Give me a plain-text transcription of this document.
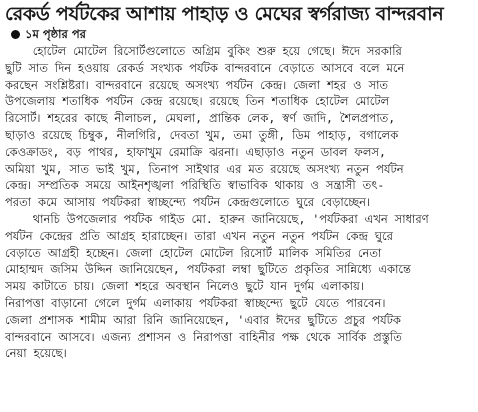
রেকর্ড পর্যটকের আশায় পাহাড় ও মেঘের স্বর্গরাজ্য বান্দরবান
১ম পৃষ্ঠার পর
হোটেল মোটেল রিসোর্টগুলোতে অগ্রিম বুকিং শুরু হয়ে গেছে। ঈদে সরকারি
ছুটি সাত দিন হওয়ায় রেকর্ড সংখ্যক পর্যটক বান্দরবানে বেড়াতে আসবে বলে মনে
করছেন সংশ্লিষ্টরা। বান্দরবানে রয়েছে অসংখ্য পর্যটন কেন্দ্র। জেলা শহর ও সাত
উপজেলায় শতাধিক পর্যটন কেন্দ্র রয়েছে। রয়েছে তিন শতাধিক হোটেল মোটেল
রিসোর্ট। শহরের কাছে নীলাচল, মেঘলা, প্রান্তিক লেক, স্বর্ণ জাদি, শৈলপ্রপাত,
ছাড়াও রয়েছে চিম্বুক, নীলগিরি, দেবতা খুম, তমা তুঙ্গী, ডিম পাহাড়, বগালেক
কেওক্রাডং, বড় পাথর, হাফাখুম রেমাক্রি ঝরনা। এছাড়াও নতুন ডাবল ফলস,
অমিয়া খুম, সাত ভাই খুম, তিনাপ সাইথার এর মত রয়েছে অসংখ্য নতুন পর্যটন
কেন্দ্র। সম্প্রতিক সময়ে আইনশৃঙ্খলা পরিস্থিতি স্বাভাবিক থাকায় ও সন্ত্রাসী তৎ-
পরতা কমে আসায় পর্যটকরা স্বাচ্ছন্দ্যে পর্যটন কেন্দ্রগুলোতে ঘুরে বেড়াচ্ছেন।
থানচি উপজেলার পর্যটক গাইড মো. হারুন জানিয়েছে, 'পর্যটকরা এখন সাধারণ
পর্যটন কেন্দ্রের প্রতি আগ্রহ হারাচ্ছেন। তারা এখন নতুন নতুন পর্যটন কেন্দ্র ঘুরে
বেড়াতে আগ্রহী হচ্ছেন। জেলা হোটেল মোটেল রিসোর্ট মালিক সমিতির নেতা
মোহাম্মদ জসিম উদ্দিন জানিয়েছেন, পর্যটকরা লম্বা ছুটিতে প্রকৃতির সান্নিধ্যে একান্তে
সময় কাটাতে চায়। জেলা শহরে অবস্থান নিলেও ছুটে যান দুর্গম এলাকায়।
নিরাপত্তা বাড়ানো গেলে দুর্গম এলাকায় পর্যটকরা স্বাচ্ছন্দ্যে ছুটে যেতে পারবেন।
জেলা প্রশাসক শামীম আরা রিনি জানিয়েছেন, 'এবার ঈদের ছুটিতে প্রচুর পর্যটক
বান্দরবানে আসবে। এজন্য প্রশাসন ও নিরাপত্তা বাহিনীর পক্ষ থেকে সার্বিক প্রস্তুতি
নেয়া হয়েছে।
